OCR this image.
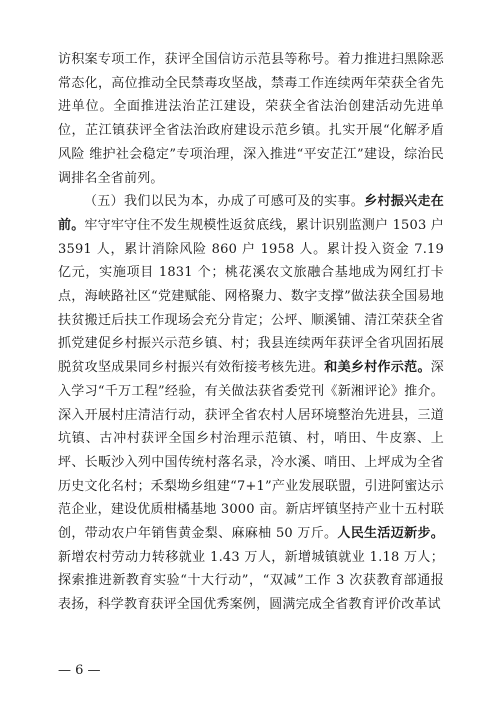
访积案专项工作，获评全国信访示范县等称号。着力推进扫黑除恶常态化，高位推动全民禁毒攻坚战，禁毒工作连续两年荣获全省先进单位。全面推进法治芷江建设，荣获全省法治创建活动先进单位，芷江镇获评全省法治政府建设示范乡镇。扎实开展“化解矛盾风险 维护社会稳定”专项治理，深入推进“平安芷江”建设，综治民调排名全省前列。

（五）我们以民为本，办成了可感可及的实事。乡村振兴走在前。牢守牢守住不发生规模性返贫底线，累计识别监测户 1503 户 3591 人，累计消除风险 860 户 1958 人。累计投入资金 7.19 亿元，实施项目 1831 个；桃花溪农文旅融合基地成为网红打卡点，海峡路社区“党建赋能、网格聚力、数字支撑”做法获全国易地扶贫搬迁后扶工作现场会充分肯定；公坪、顺溪铺、清江荣获全省抓党建促乡村振兴示范乡镇、村；我县连续两年获评全省巩固拓展脱贫攻坚成果同乡村振兴有效衔接考核先进。和美乡村作示范。深入学习“千万工程”经验，有关做法获省委党刊《新湘评论》推介。深入开展村庄清洁行动，获评全省农村人居环境整治先进县，三道坑镇、古冲村获评全国乡村治理示范镇、村，哨田、牛皮寨、上坪、长畈沙入列中国传统村落名录，冷水溪、哨田、上坪成为全省历史文化名村；禾梨坳乡组建“7+1”产业发展联盟，引进阿蜜达示范企业，建设优质柑橘基地 3000 亩。新店坪镇坚持产业十五村联创，带动农户年销售黄金梨、麻麻柚 50 万斤。人民生活迈新步。新增农村劳动力转移就业 1.43 万人，新增城镇就业 1.18 万人；探索推进新教育实验“十大行动”，“双减”工作 3 次获教育部通报表扬，科学教育获评全国优秀案例，圆满完成全省教育评价改革试

— 6 —
